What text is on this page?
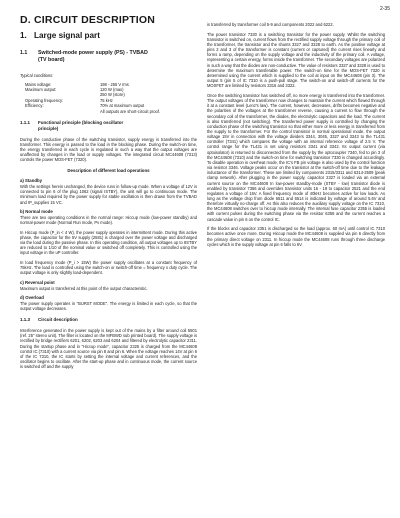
2-35
D. CIRCUIT DESCRIPTION
1. Large signal part
1.1	Switched-mode power supply (PS) - TVBAD
(TV board)
Typical conditions:
Mains voltage:	198 - 255 V rms
Maximum output:	120 W (max)
	250 W (store)
Operating frequency:	75 kHz
Efficiency:	70% at maximum output
	All outputs are short-circuit proof.
1.1.1	Functional principle (blocking oscillator
principle)

During the conductive phase of the switching transistor, supply energy is transferred into the transformer. This energy is passed to the load in the blocking phase. During the switch-on time, the energy transferred in each cycle is regulated in such a way that the output voltages are unaffected by changes in the load or supply voltages. The integrated circuit MC44608 (7313) controls the power MOS-FET (7320).

Description of different load operations
a) Standby

With the settings herein unchanged, the device runs in follow-up mode. When a voltage of 12V is connected to pin 6 of the plug 1062 (signal ISTBY), the unit will go to continuous mode. The minimum load required by the power supply for stable oscillation is then drawn from the TVBAD and IP_supplies 15 VC.

b) Normal mode

There are two operating conditions in the normal range: Hiccup mode (low-power standby) and normal-power mode (Normal Run mode, Pv mode).

In Hiccup mode (P_in < 4 W), the power supply operates in intermittent mode. During this active phase, the capacitor for the 5V supply (2581) is charged over the power voltage and discharged via the load during the passive phase. In this operating condition, all output voltages up to 8STBY are reduced to 1/10 of the nominal value or switched off completely. This is controlled using the input voltage in the uP controller.

In load frequency mode (P_i > 15W) the power supply oscillates at a constant frequency of 75kHz. The load is controlled using the switch-on or switch-off time = frequency x duty cycle. The output voltage is only slightly load-dependent.

c) Reversal point

Maximum output is transferred at this point of the output characteristic.

d) Overload

The power supply operates in "BURST MODE". The energy is limited in each cycle, so that the output voltage decreases.

1.1.3	Circuit description

Interference generated in the power supply is kept out of the mains by a filter around coil 5501 (ref. 25" stereo unit). The filter is located on the MFBWD sub printed board). The supply voltage is rectified by bridge rectifiers 6201, 6202, 6203 and 6204 and filtered by electrolytic capacitor 2311. During the startup phase and in "Hiccup mode", capacitor 2325 is charged from the MC44608 control IC (7310) with a current source via pin 8 and pin 6. When the voltage reaches 14V at pin 6 of the IC 7310, the IC starts by setting the internal voltage and current references, and the oscillator begins to oscillate. After the start-up phase and in continuous mode, the current source is switched off and the supply

is transferred by transformer coil 5-9 and components 2022 and 6222.

The power transistor 7330 is a switching transistor for the power supply. Whilst the switching transistor is switched on, current flows from the rectified supply voltage through the primary coil of the transformer, the transistor and the shunts 3327 and 3328 to earth. As the positive voltage at pins 2 and 3 of the transformer is constant (current or captured) the current rises linearly and forms a ramp, depending on the supply voltage and the inductivity of the primary coil. A voltage, representing a certain energy, forms inside the transformer. The secondary voltages are polarized in such a way that the diodes are non-conductive. The value of resistors 3327 and 3328 is used to determine the maximum transferable power. The switch-on time for the MOS-FET 7320 is determined using the current which is supplied to the coil at input on the MC44608 (pin 3). The output 5 (pin 5 of IC 7310 is a push-pull stage. The switch-on and switch-off currents for the MOSFET are limited by resistors 3316 and 3322.

Once the switching transistor has switched off, no more energy is transferred into the transformer. The output voltages of the transformer now changes to maintain the current which flowed through it at a constant level (Lenz's law). The current, however, decreases, drifts becomes negative and the polarities of the voltages at the transformer reverse, causing a current to flow through the secondary coil of the transformer, the diodes, the electrolytic capacitors and the load. The current is also transferred (not switching). The transferred power supply is controlled by changing the conduction phase of the switching transistor so that either more or less energy is transferred from the supply to the transformer. For the control transistor in normal operational mode, the output voltage 15V in connection with the voltage dividers 3344, 3045, 3327 and 3343 to the TL431 controller (7341) which compares the voltage with an internal reference voltage of 2.5 V. The control range for the TL431 is set using resistors 3341 and 3342. Its output current (via optoisolator) is returned to disconnected from the supply by the optocoupler 7340, fed to pin 3 of the MC44608 (7310) and the switch-on time for switching transistor 7330 is changed accordingly. To disable operation in overheat mode, the IC's FB pin voltage is also used by the control function via resistor 3346. Voltage peaks occur on the transistor at the switch-off time due to the leakage inductance of the transformer. These are limited by components 2315/3311 and 6314-2509 (peak clamp network). After plugging in the power supply, capacitor 2327 is loaded via an external current source on the MC44608 In low-power standby-mode (STBY - low) transistor diode is enabled by transistor 7356 and overrides transistor units 16 - 18 to capacitor 2521 and the end regulates a voltage of 16V. A fixed frequency mode of 40kHz becomes active for low loads. As long as the voltage drop from diode 6511 and 6514 is indicated by voltage of around 5.6V and therefore virtually no-charge off. As this also reduces the auxiliary supply voltage on the IC 7310, the MC44608 switches over to hiccup mode internally. The internal fuse capacitor 2355 is loaded with current pulses during the switching phase via the resistor 6358 and the current reaches a cascade value in pin 6 on the control IC.

If the blocks and capacitor 2351 is discharged so the load (approx. 60 mA) until control IC 7310 becomes active once more. During Hiccup mode the MC44608 is supplied via pin 6 directly from the primary direct voltage on 2311. In hiccup mode the MC44608 runs through three discharge cycles which is the supply voltage at pin 6 falls to 6V.
